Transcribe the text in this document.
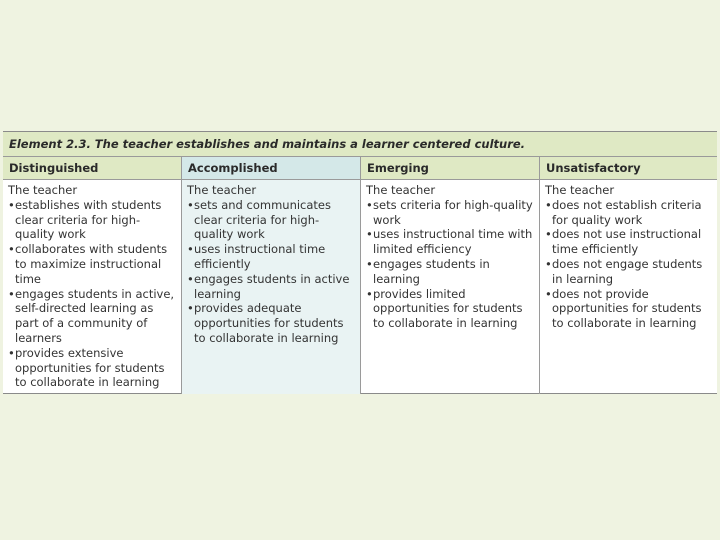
Element 2.3. The teacher establishes and maintains a learner centered culture.
Distinguished
The teacher
• establishes with students clear criteria for high-quality work
• collaborates with students to maximize instructional time
• engages students in active, self-directed learning as part of a community of learners
• provides extensive opportunities for students to collaborate in learning
Accomplished
The teacher
• sets and communicates clear criteria for high-quality work
• uses instructional time efficiently
• engages students in active learning
• provides adequate opportunities for students to collaborate in learning
Emerging
The teacher
• sets criteria for high-quality work
• uses instructional time with limited efficiency
• engages students in learning
• provides limited opportunities for students to collaborate in learning
Unsatisfactory
The teacher
• does not establish criteria for quality work
• does not use instructional time efficiently
• does not engage students in learning
• does not provide opportunities for students to collaborate in learning
